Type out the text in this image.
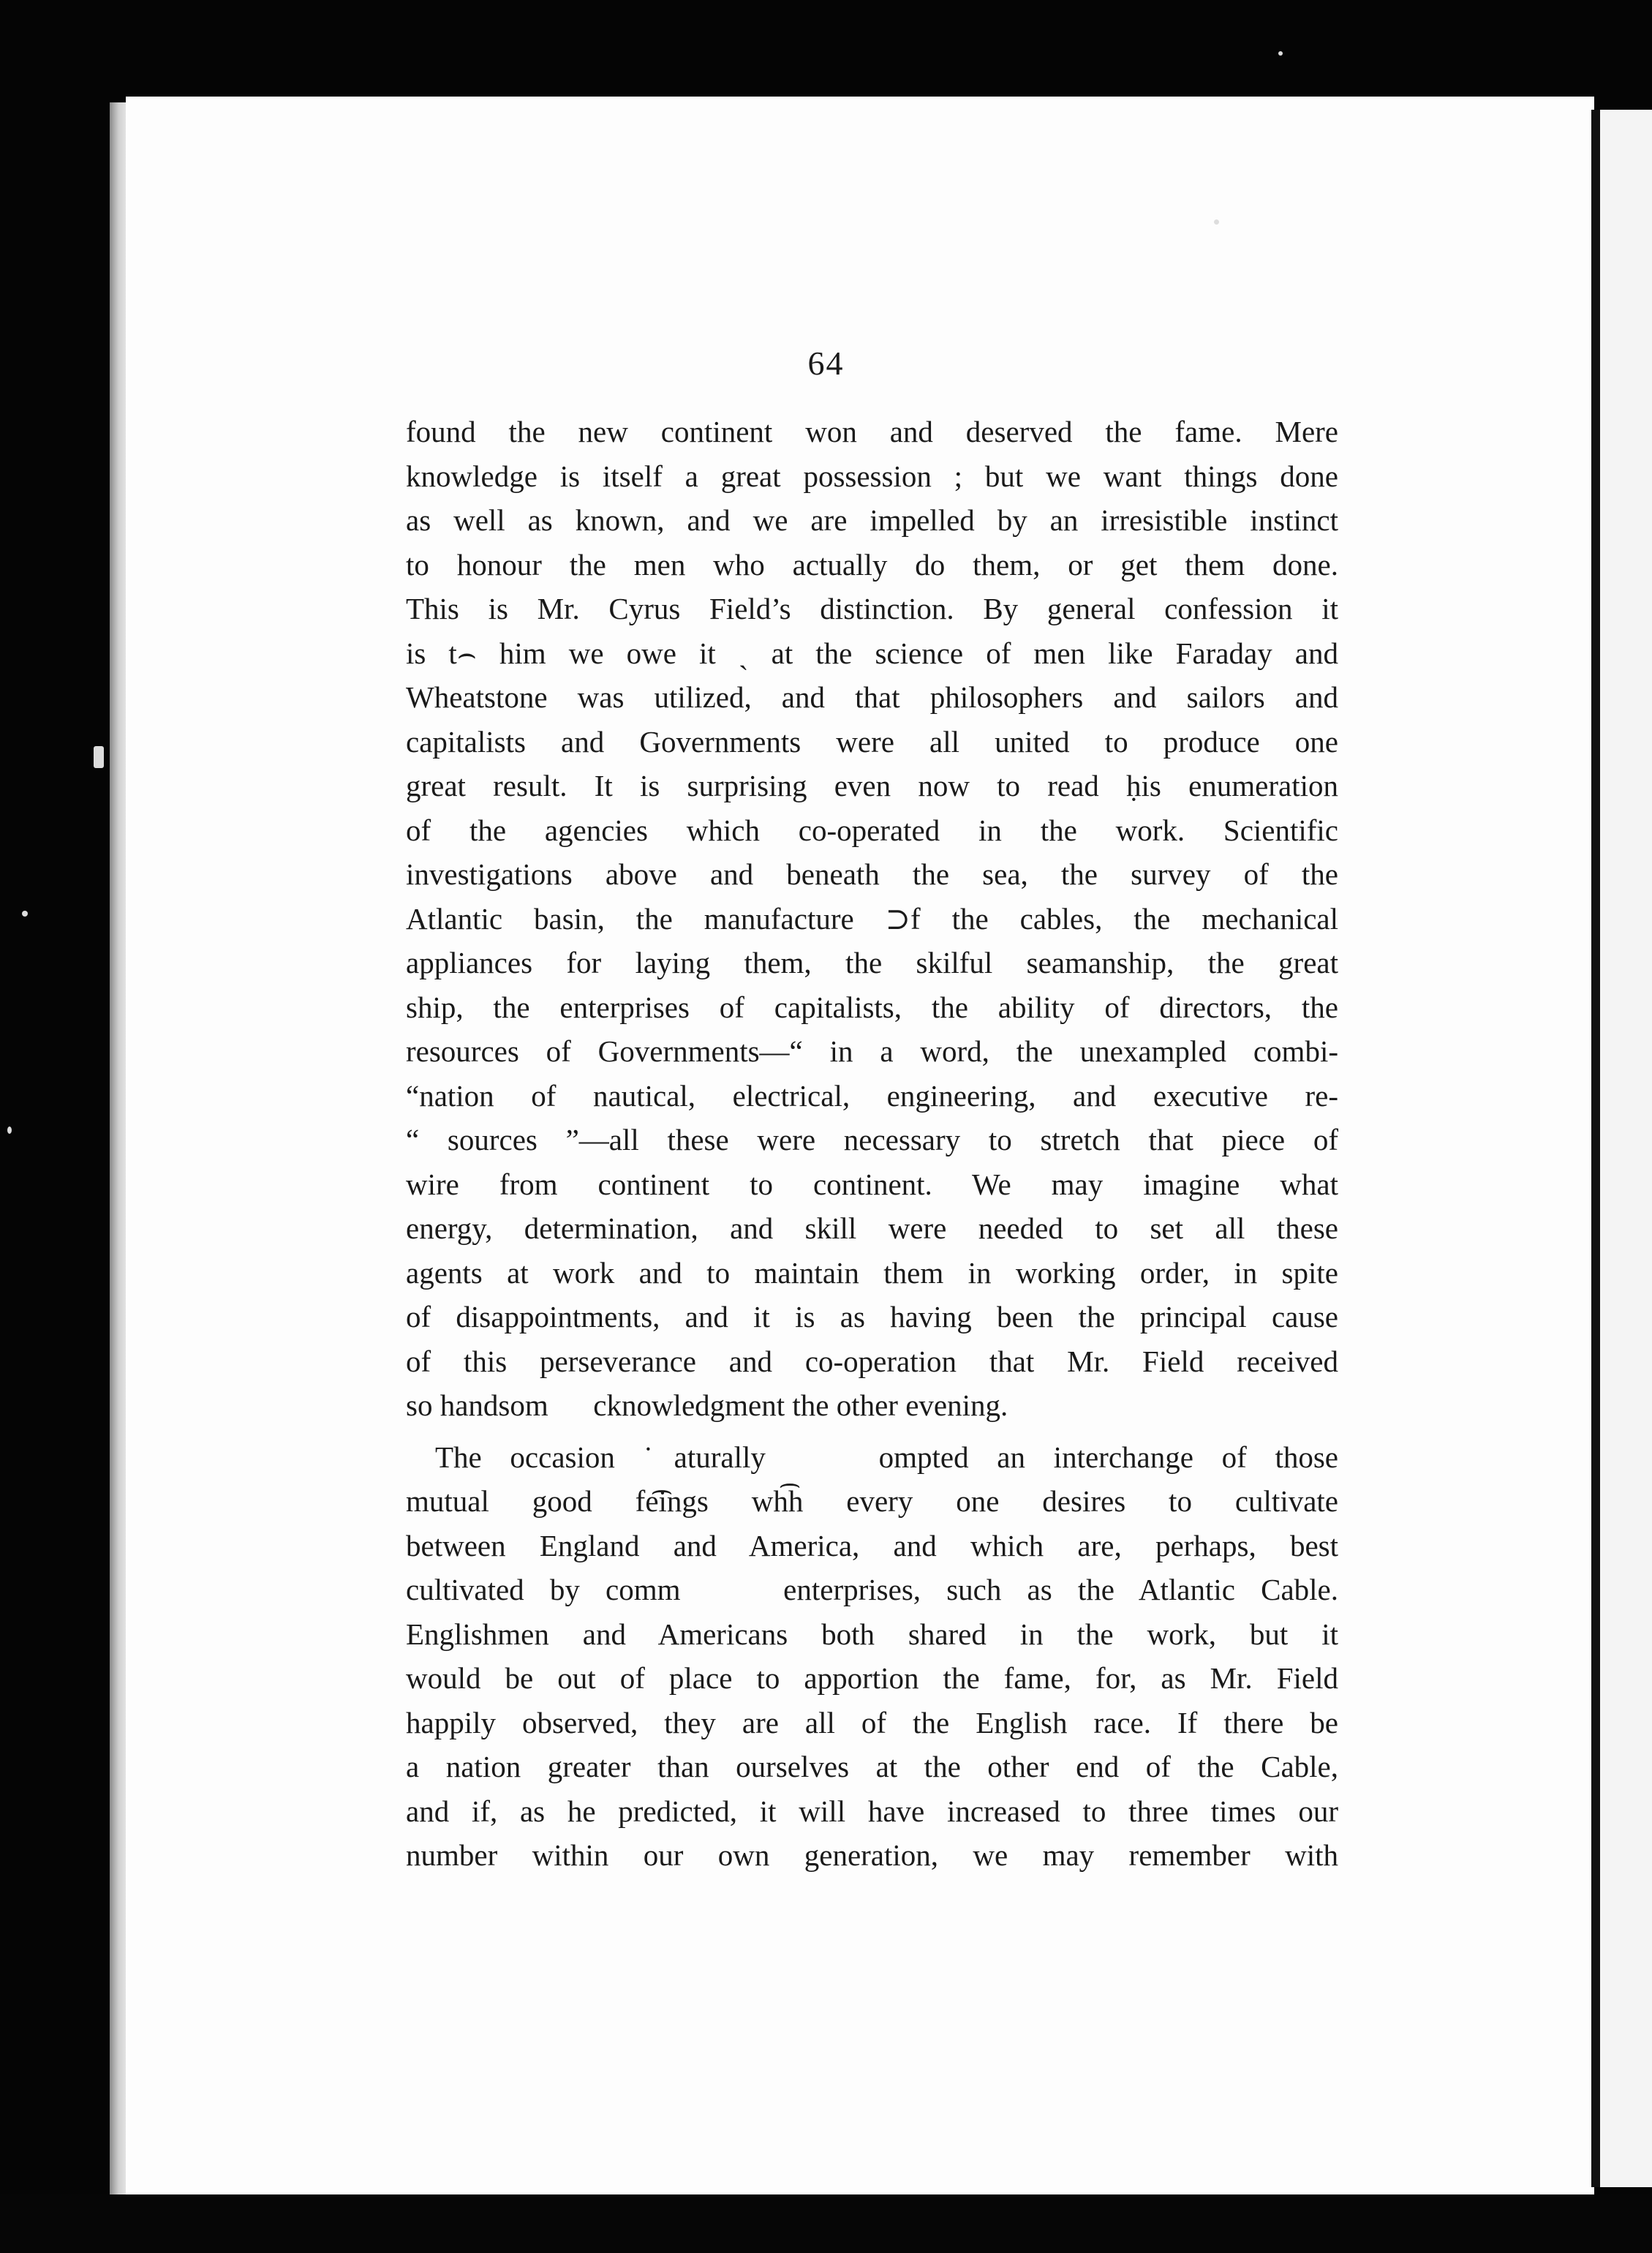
64
found the new continent won and deserved the fame. Mere
knowledge is itself a great possession ; but we want things done
as well as known, and we are impelled by an irresistible instinct
to honour the men who actually do them, or get them done.
This is Mr. Cyrus Field’s distinction. By general confession it
is t⌢ him we owe it ˏ at the science of men like Faraday and
Wheatstone was utilized, and that philosophers and sailors and
capitalists and Governments were all united to produce one
great result. It is surprising even now to read ḥis enumeration
of the agencies which co-operated in the work. Scientific
investigations above and beneath the sea, the survey of the
Atlantic basin, the manufacture ⊃f the cables, the mechanical
appliances for laying them, the skilful seamanship, the great
ship, the enterprises of capitalists, the ability of directors, the
resources of Governments—“ in a word, the unexampled combi-
“nation of nautical, electrical, engineering, and executive re-
“ sources ”—all these were necessary to stretch that piece of
wire from continent to continent. We may imagine what
energy, determination, and skill were needed to set all these
agents at work and to maintain them in working order, in spite
of disappointments, and it is as having been the principal cause
of this perseverance and co-operation that Mr. Field received
so handsom      cknowledgment the other evening.
The occasion ˙aturally    ompted an interchange of those
mutual good fe͡ings wh͡h every one desires to cultivate
between England and America, and which are, perhaps, best
cultivated by comm    enterprises, such as the Atlantic Cable.
Englishmen and Americans both shared in the work, but it
would be out of place to apportion the fame, for, as Mr. Field
happily observed, they are all of the English race. If there be
a nation greater than ourselves at the other end of the Cable,
and if, as he predicted, it will have increased to three times our
number within our own generation, we may remember with
